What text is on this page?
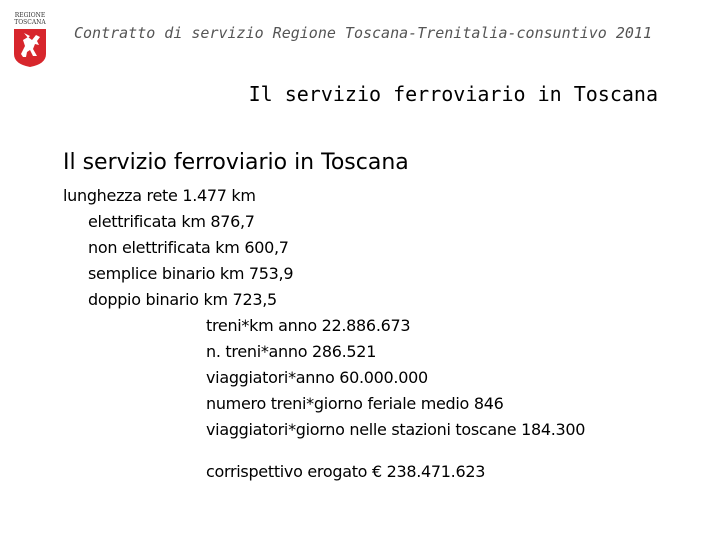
REGIONE
TOSCANA
Contratto di servizio Regione Toscana-Trenitalia-consuntivo 2011
Il servizio ferroviario in Toscana
Il servizio ferroviario in Toscana
lunghezza rete 1.477 km
elettrificata km 876,7
non elettrificata km 600,7
semplice binario km 753,9
doppio binario km 723,5
treni*km anno 22.886.673
n. treni*anno 286.521
viaggiatori*anno 60.000.000
numero treni*giorno feriale medio 846
viaggiatori*giorno nelle stazioni toscane 184.300
corrispettivo erogato € 238.471.623
